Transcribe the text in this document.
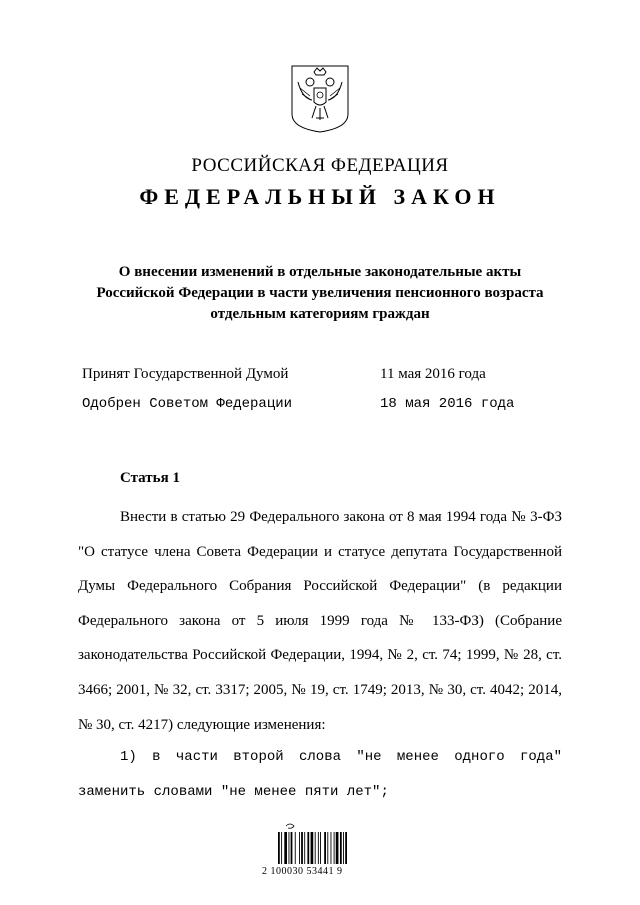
РОССИЙСКАЯ ФЕДЕРАЦИЯ
ФЕДЕРАЛЬНЫЙ ЗАКОН
О внесении изменений в отдельные законодательные акты
Российской Федерации в части увеличения пенсионного возраста
отдельным категориям граждан
Принят Государственной Думой	11 мая 2016 года
Одобрен Советом Федерации	18 мая 2016 года
Статья 1
Внести в статью 29 Федерального закона от 8 мая 1994 года № 3-ФЗ "О статусе члена Совета Федерации и статусе депутата Государственной Думы Федерального Собрания Российской Федерации" (в редакции Федерального закона от 5 июля 1999 года № 133-ФЗ) (Собрание законодательства Российской Федерации, 1994, № 2, ст. 74; 1999, № 28, ст. 3466; 2001, № 32, ст. 3317; 2005, № 19, ст. 1749; 2013, № 30, ст. 4042; 2014, № 30, ст. 4217) следующие изменения:
1) в части второй слова "не менее одного года" заменить словами "не менее пяти лет";
2 100030 53441 9
